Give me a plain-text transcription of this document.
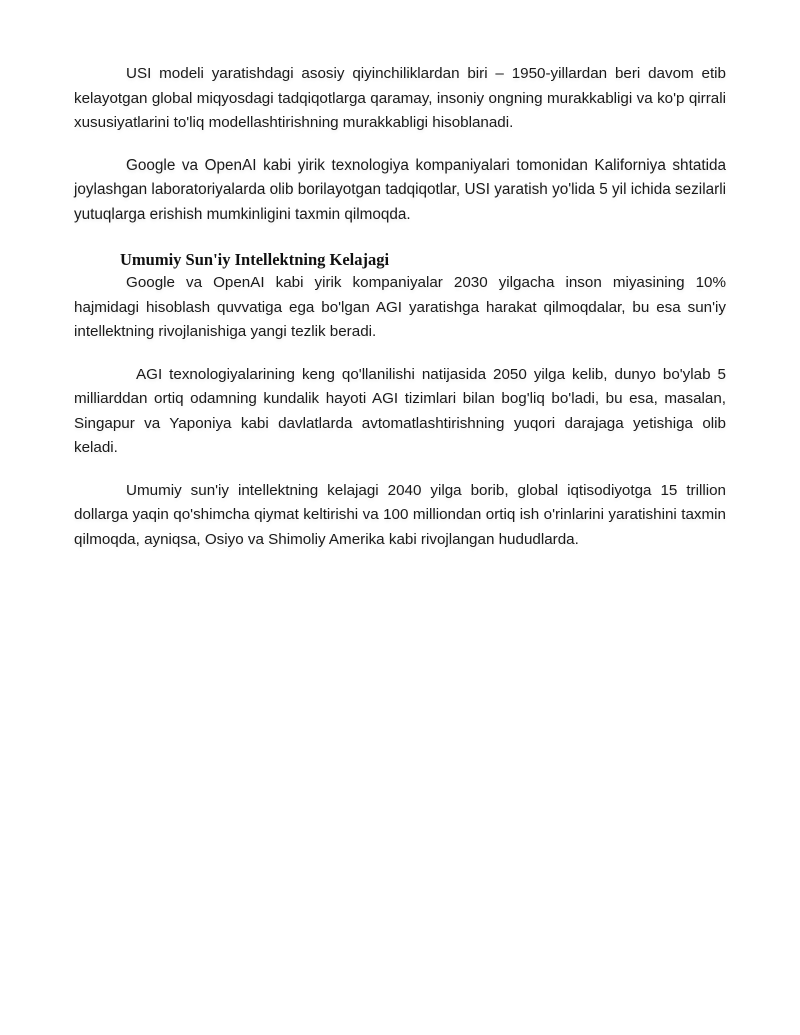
USI modeli yaratishdagi asosiy qiyinchiliklardan biri – 1950-yillardan beri davom etib kelayotgan global miqyosdagi tadqiqotlarga qaramay, insoniy ongning murakkabligi va ko'p qirrali xususiyatlarini to'liq modellashtirishning murakkabligi hisoblanadi.

Google va OpenAI kabi yirik texnologiya kompaniyalari tomonidan Kaliforniya shtatida joylashgan laboratoriyalarda olib borilayotgan tadqiqotlar, USI yaratish yo'lida 5 yil ichida sezilarli yutuqlarga erishish mumkinligini taxmin qilmoqda.

Umumiy Sun'iy Intellektning Kelajagi

Google va OpenAI kabi yirik kompaniyalar 2030 yilgacha inson miyasining 10% hajmidagi hisoblash quvvatiga ega bo'lgan AGI yaratishga harakat qilmoqdalar, bu esa sun'iy intellektning rivojlanishiga yangi tezlik beradi.

AGI texnologiyalarining keng qo'llanilishi natijasida 2050 yilga kelib, dunyo bo'ylab 5 milliarddan ortiq odamning kundalik hayoti AGI tizimlari bilan bog'liq bo'ladi, bu esa, masalan, Singapur va Yaponiya kabi davlatlarda avtomatlashtirishning yuqori darajaga yetishiga olib keladi.

Umumiy sun'iy intellektning kelajagi 2040 yilga borib, global iqtisodiyotga 15 trillion dollarga yaqin qo'shimcha qiymat keltirishi va 100 milliondan ortiq ish o'rinlarini yaratishini taxmin qilmoqda, ayniqsa, Osiyo va Shimoliy Amerika kabi rivojlangan hududlarda.
